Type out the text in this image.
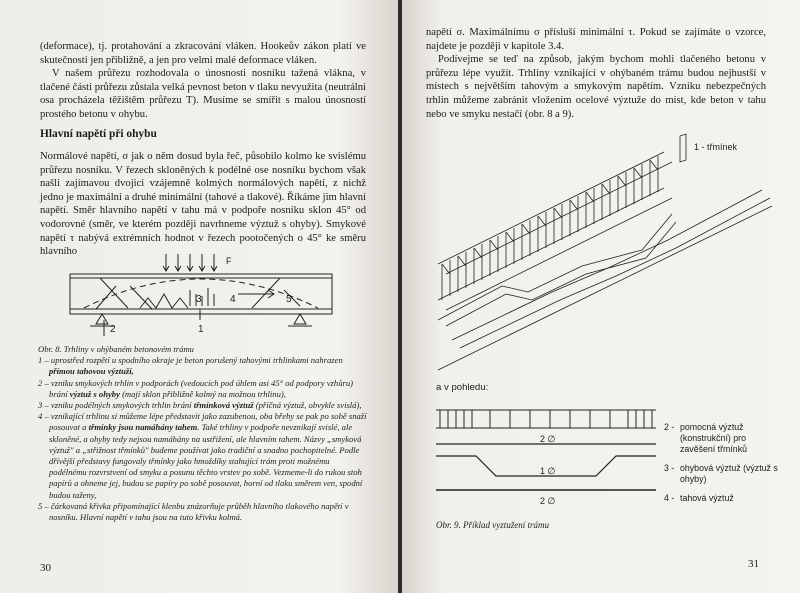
(deformace), tj. protahování a zkracování vláken. Hookeův zákon platí ve skutečnosti jen přibližně, a jen pro velmi malé deformace vláken.

V našem průřezu rozhodovala o únosnosti nosníku tažená vlákna, v tlačené části průřezu zůstala velká pevnost beton v tlaku nevyužita (neutrální osa procházela těžištěm průřezu T). Musíme se smířit s malou únosností prostého betonu v ohybu.

Hlavní napětí při ohybu

Normálové napětí, σ jak o něm dosud byla řeč, působilo kolmo ke svislému průřezu nosníku. V řezech skloněných k podélné ose nosníku bychom však našli zajímavou dvojici vzájemně kolmých normálových napětí, z nichž jedno je maximální a druhé minimální (tahové a tlakové). Říkáme jim hlavní napětí. Směr hlavního napětí v tahu má v podpoře nosníku sklon 45° od vodorovné (směr, ve kterém později navrhneme výztuž s ohyby). Smykové napětí τ nabývá extrémních hodnot v řezech pootočených o 45° ke směru hlavního

F
3	4	5
2	1

Obr. 8. Trhliny v ohýbaném betonovém trámu

1 – uprostřed rozpětí u spodního okraje je beton porušený tahovými trhlinkami nahrazen přímou tahovou výztuží,

2 – vzniku smykových trhlin v podporách (vedoucích pod úhlem asi 45° od podpory vzhůru) brání výztuž s ohyby (mají sklon přibližně kolmý na možnou trhlinu),

3 – vzniku podélných smykových trhlin brání třmínková výztuž (příčná výztuž, obvykle svislá),

4 – vznikající trhlinu si můžeme lépe představit jako zazubenou, oba břehy se pak po sobě snaží posouvat a třmínky jsou namáhány tahem. Také trhliny v podpoře nevznikají svislé, ale skloněné, a ohyby tedy nejsou namáhány na ustřižení, ale hlavním tahem. Názvy „smyková výztuž" a „střižnost třmínků" budeme používat jako tradiční a snadno pochopitelné. Podle dřívější představy fungovaly třmínky jako hmoždíky stahující trám proti možnému podélnému rozvrstvení od smyku a posunu těchto vrstev po sobě. Vezmeme-li do rukou stoh papírů a ohneme jej, budou se papíry po sobě posouvat, horní od tlaku směrem ven, spodní budou taženy,

5 – čárkovaná křivka připomínající klenbu znázorňuje průběh hlavního tlakového napětí v nosníku. Hlavní napětí v tahu jsou na tuto křivku kolmá.

30

napětí σ. Maximálnímu σ přísluší minimální τ. Pokud se zajímáte o vzorce, najdete je později v kapitole 3.4.

Podívejme se teď na způsob, jakým bychom mohli tlačeného betonu v průřezu lépe využít. Trhliny vznikající v ohýbaném trámu budou nejhustší v místech s největším tahovým a smykovým napětím. Vzniku nebezpečných trhlin můžeme zabránit vložením ocelové výztuže do míst, kde beton v tahu nebo ve smyku nestačí (obr. 8 a 9).

1 - třmínek
a v pohledu:
2 ∅
1 ∅
2 ∅
2 - pomocná výztuž (konstrukční) pro zavěšení třmínků
3 - ohybová výztuž (výztuž s ohyby)
4 - tahová výztuž
Obr. 9. Příklad vyztužení trámu
31
